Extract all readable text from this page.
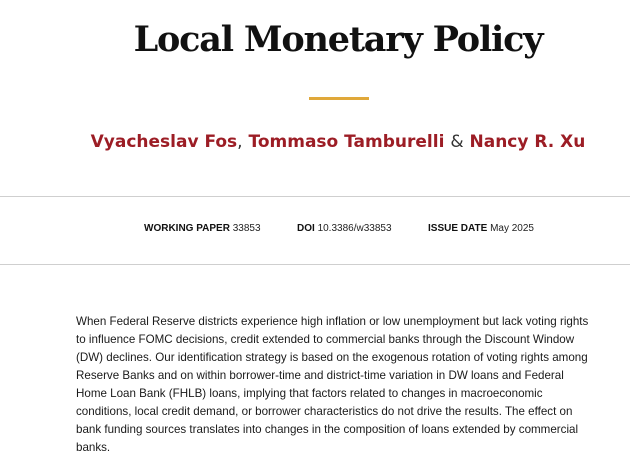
Local Monetary Policy
Vyacheslav Fos, Tommaso Tamburelli & Nancy R. Xu
WORKING PAPER 33853	DOI 10.3386/w33853	ISSUE DATE May 2025

When Federal Reserve districts experience high inflation or low unemployment but lack voting rights to influence FOMC decisions, credit extended to commercial banks through the Discount Window (DW) declines. Our identification strategy is based on the exogenous rotation of voting rights among Reserve Banks and on within borrower-time and district-time variation in DW loans and Federal Home Loan Bank (FHLB) loans, implying that factors related to changes in macroeconomic conditions, local credit demand, or borrower characteristics do not drive the results. The effect on bank funding sources translates into changes in the composition of loans extended by commercial banks.
